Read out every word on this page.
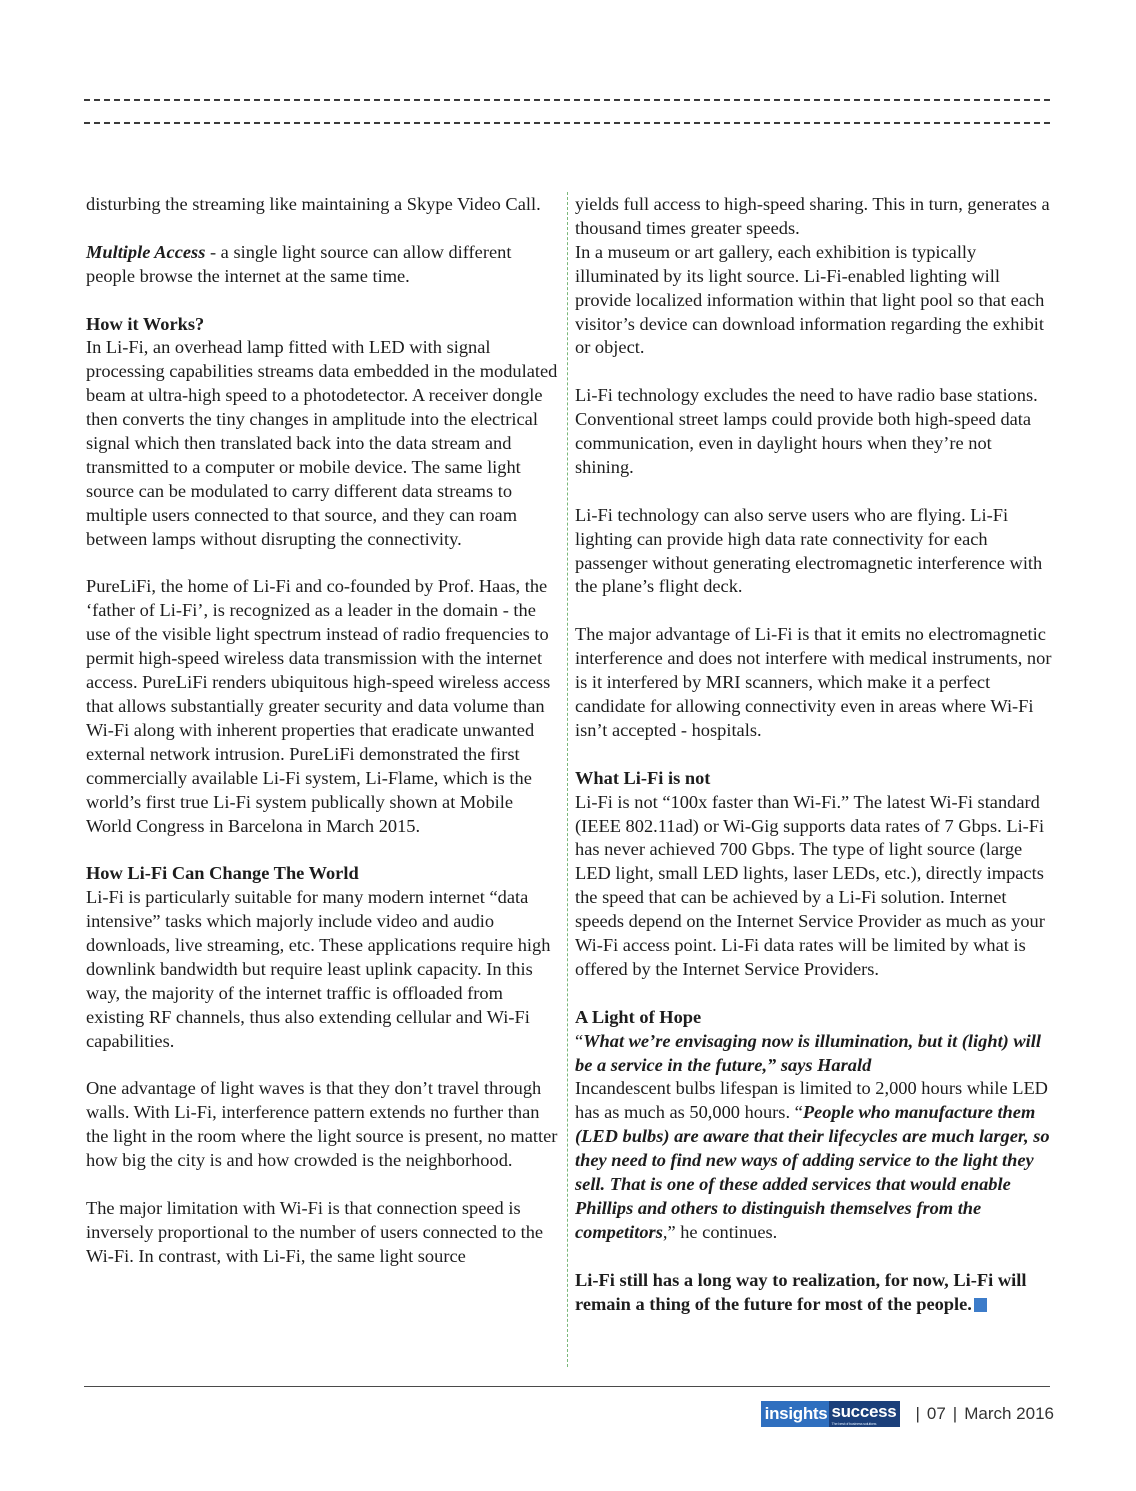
disturbing the streaming like maintaining a Skype Video Call.

Multiple Access - a single light source can allow different people browse the internet at the same time.

How it Works?

In Li-Fi, an overhead lamp fitted with LED with signal processing capabilities streams data embedded in the modulated beam at ultra-high speed to a photodetector. A receiver dongle then converts the tiny changes in amplitude into the electrical signal which then translated back into the data stream and transmitted to a computer or mobile device. The same light source can be modulated to carry different data streams to multiple users connected to that source, and they can roam between lamps without disrupting the connectivity.

PureLiFi, the home of Li-Fi and co-founded by Prof. Haas, the ‘father of Li-Fi’, is recognized as a leader in the domain - the use of the visible light spectrum instead of radio frequencies to permit high-speed wireless data transmission with the internet access. PureLiFi renders ubiquitous high-speed wireless access that allows substantially greater security and data volume than Wi-Fi along with inherent properties that eradicate unwanted external network intrusion. PureLiFi demonstrated the first commercially available Li-Fi system, Li-Flame, which is the world’s first true Li-Fi system publically shown at Mobile World Congress in Barcelona in March 2015.

How Li-Fi Can Change The World

Li-Fi is particularly suitable for many modern internet “data intensive” tasks which majorly include video and audio downloads, live streaming, etc. These applications require high downlink bandwidth but require least uplink capacity. In this way, the majority of the internet traffic is offloaded from existing RF channels, thus also extending cellular and Wi-Fi capabilities.

One advantage of light waves is that they don’t travel through walls. With Li-Fi, interference pattern extends no further than the light in the room where the light source is present, no matter how big the city is and how crowded is the neighborhood.

The major limitation with Wi-Fi is that connection speed is inversely proportional to the number of users connected to the Wi-Fi. In contrast, with Li-Fi, the same light source

yields full access to high-speed sharing. This in turn, generates a thousand times greater speeds.

In a museum or art gallery, each exhibition is typically illuminated by its light source. Li-Fi-enabled lighting will provide localized information within that light pool so that each visitor’s device can download information regarding the exhibit or object.

Li-Fi technology excludes the need to have radio base stations. Conventional street lamps could provide both high-speed data communication, even in daylight hours when they’re not shining.

Li-Fi technology can also serve users who are flying. Li-Fi lighting can provide high data rate connectivity for each passenger without generating electromagnetic interference with the plane’s flight deck.

The major advantage of Li-Fi is that it emits no electromagnetic interference and does not interfere with medical instruments, nor is it interfered by MRI scanners, which make it a perfect candidate for allowing connectivity even in areas where Wi-Fi isn’t accepted - hospitals.

What Li-Fi is not

Li-Fi is not “100x faster than Wi-Fi.” The latest Wi-Fi standard (IEEE 802.11ad) or Wi-Gig supports data rates of 7 Gbps. Li-Fi has never achieved 700 Gbps. The type of light source (large LED light, small LED lights, laser LEDs, etc.), directly impacts the speed that can be achieved by a Li-Fi solution. Internet speeds depend on the Internet Service Provider as much as your Wi-Fi access point. Li-Fi data rates will be limited by what is offered by the Internet Service Providers.

A Light of Hope

“What we’re envisaging now is illumination, but it (light) will be a service in the future,” says Harald

Incandescent bulbs lifespan is limited to 2,000 hours while LED has as much as 50,000 hours. “People who manufacture them (LED bulbs) are aware that their lifecycles are much larger, so they need to find new ways of adding service to the light they sell. That is one of these added services that would enable Phillips and others to distinguish themselves from the competitors,” he continues.

Li-Fi still has a long way to realization, for now, Li-Fi will remain a thing of the future for most of the people.

insights success
The best of business solutions
| 07 | March 2016
